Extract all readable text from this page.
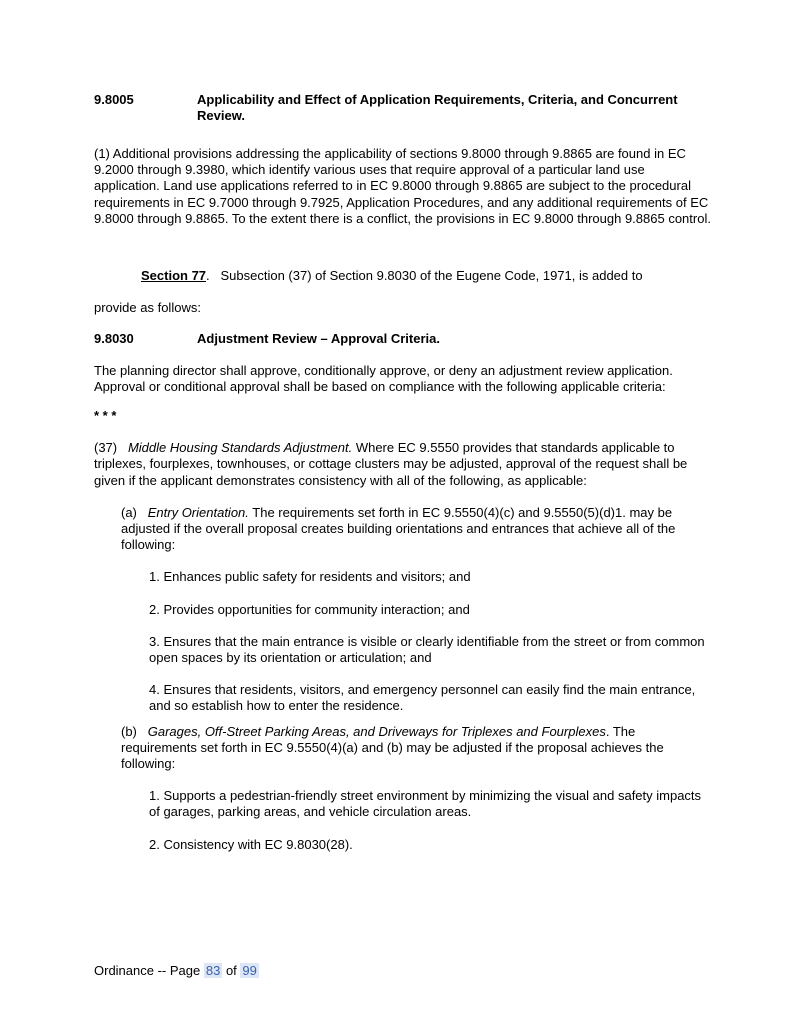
9.8005	Applicability and Effect of Application Requirements, Criteria, and Concurrent Review.

(1) Additional provisions addressing the applicability of sections 9.8000 through 9.8865 are found in EC 9.2000 through 9.3980, which identify various uses that require approval of a particular land use application. Land use applications referred to in EC 9.8000 through 9.8865 are subject to the procedural requirements in EC 9.7000 through 9.7925, Application Procedures, and any additional requirements of EC 9.8000 through 9.8865. To the extent there is a conflict, the provisions in EC 9.8000 through 9.8865 control.

Section 77. Subsection (37) of Section 9.8030 of the Eugene Code, 1971, is added to

provide as follows:

9.8030	Adjustment Review – Approval Criteria.

The planning director shall approve, conditionally approve, or deny an adjustment review application. Approval or conditional approval shall be based on compliance with the following applicable criteria:

* * *

(37) Middle Housing Standards Adjustment. Where EC 9.5550 provides that standards applicable to triplexes, fourplexes, townhouses, or cottage clusters may be adjusted, approval of the request shall be given if the applicant demonstrates consistency with all of the following, as applicable:

(a) Entry Orientation. The requirements set forth in EC 9.5550(4)(c) and 9.5550(5)(d)1. may be adjusted if the overall proposal creates building orientations and entrances that achieve all of the following:

1. Enhances public safety for residents and visitors; and

2. Provides opportunities for community interaction; and

3. Ensures that the main entrance is visible or clearly identifiable from the street or from common open spaces by its orientation or articulation; and

4. Ensures that residents, visitors, and emergency personnel can easily find the main entrance, and so establish how to enter the residence.

(b) Garages, Off-Street Parking Areas, and Driveways for Triplexes and Fourplexes. The requirements set forth in EC 9.5550(4)(a) and (b) may be adjusted if the proposal achieves the following:

1. Supports a pedestrian-friendly street environment by minimizing the visual and safety impacts of garages, parking areas, and vehicle circulation areas.

2. Consistency with EC 9.8030(28).

Ordinance -- Page 83 of 99
